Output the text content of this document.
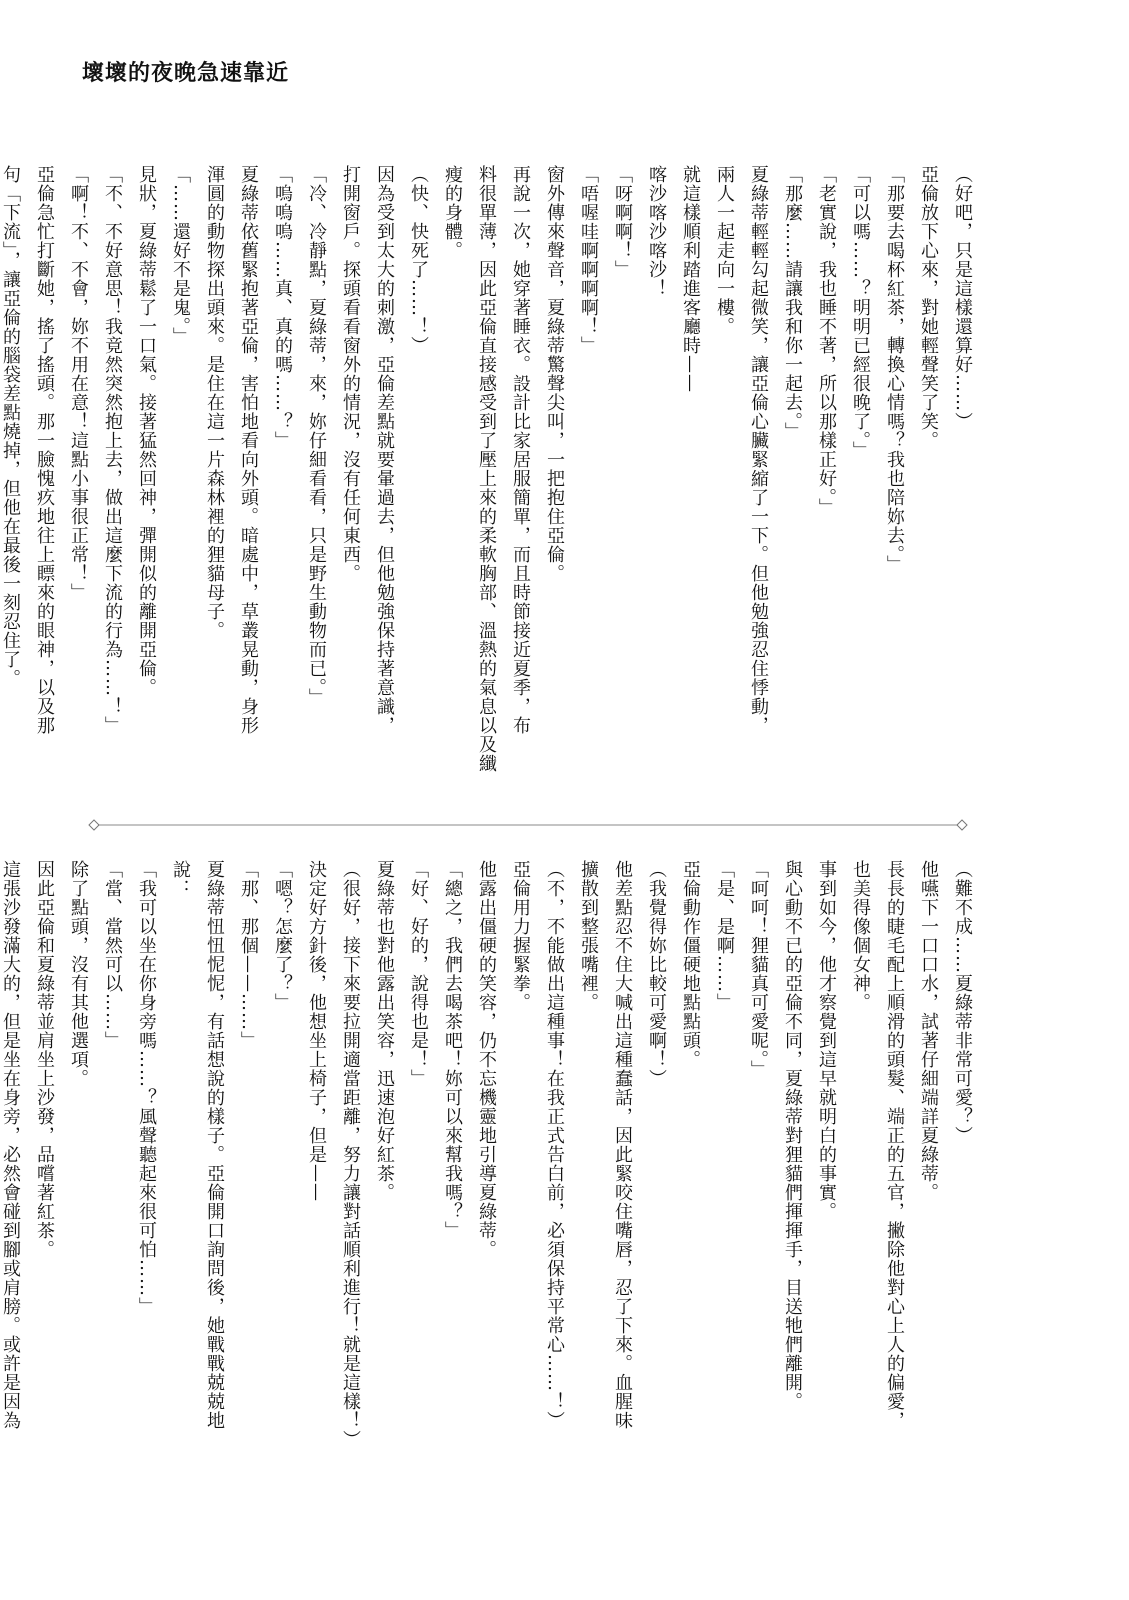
壞壞的夜晚急速靠近
（好吧，只是這樣還算好……）
亞倫放下心來，對她輕聲笑了笑。
「那要去喝杯紅茶，轉換心情嗎？我也陪妳去。」
「可以嗎……？明明已經很晚了。」
「老實說，我也睡不著，所以那樣正好。」
「那麼……請讓我和你一起去。」
夏綠蒂輕輕勾起微笑，讓亞倫心臟緊縮了一下。但他勉強忍住悸動，
兩人一起走向一樓。
就這樣順利踏進客廳時——
喀沙喀沙喀沙！
「呀啊啊！」
「唔喔哇啊啊啊啊！」
窗外傳來聲音，夏綠蒂驚聲尖叫，一把抱住亞倫。
再說一次，她穿著睡衣。設計比家居服簡單，而且時節接近夏季，布
料很單薄，因此亞倫直接感受到了壓上來的柔軟胸部、溫熱的氣息以及纖
瘦的身體。
（快、快死了……！）
因為受到太大的刺激，亞倫差點就要暈過去，但他勉強保持著意識，
打開窗戶。探頭看看窗外的情況，沒有任何東西。
「冷、冷靜點，夏綠蒂，來，妳仔細看看，只是野生動物而已。」
「嗚嗚嗚……真、真的嗎……？」
夏綠蒂依舊緊抱著亞倫，害怕地看向外頭。暗處中，草叢晃動，身形
渾圓的動物探出頭來。是住在這一片森林裡的狸貓母子。
「……還好不是鬼。」
見狀，夏綠蒂鬆了一口氣。接著猛然回神，彈開似的離開亞倫。
「不、不好意思！我竟然突然抱上去，做出這麼下流的行為……！」
「啊！不、不會，妳不用在意！這點小事很正常！」
亞倫急忙打斷她，搖了搖頭。那一臉愧疚地往上瞟來的眼神，以及那
句「下流」，讓亞倫的腦袋差點燒掉，但他在最後一刻忍住了。
（難不成……夏綠蒂非常可愛？）
他嚥下一口口水，試著仔細端詳夏綠蒂。
長長的睫毛配上順滑的頭髮、端正的五官，撇除他對心上人的偏愛，
也美得像個女神。
事到如今，他才察覺到這早就明白的事實。
與心動不已的亞倫不同，夏綠蒂對狸貓們揮揮手，目送牠們離開。
「呵呵！狸貓真可愛呢。」
「是、是啊……」
亞倫動作僵硬地點點頭。
（我覺得妳比較可愛啊！）
他差點忍不住大喊出這種蠢話，因此緊咬住嘴唇，忍了下來。血腥味
擴散到整張嘴裡。
（不，不能做出這種事！在我正式告白前，必須保持平常心……！）
亞倫用力握緊拳。
他露出僵硬的笑容，仍不忘機靈地引導夏綠蒂。
「總之，我們去喝茶吧！妳可以來幫我嗎？」
「好、好的，說得也是！」
夏綠蒂也對他露出笑容，迅速泡好紅茶。
（很好，接下來要拉開適當距離，努力讓對話順利進行！就是這樣！）
決定好方針後，他想坐上椅子，但是——
「嗯？怎麼了？」
「那、那個——……」
夏綠蒂忸忸怩怩，有話想說的樣子。亞倫開口詢問後，她戰戰兢兢地
說：
「我可以坐在你身旁嗎……？風聲聽起來很可怕……」
「當、當然可以……」
除了點頭，沒有其他選項。
因此亞倫和夏綠蒂並肩坐上沙發，品嚐著紅茶。
這張沙發滿大的，但是坐在身旁，必然會碰到腳或肩膀。或許是因為
